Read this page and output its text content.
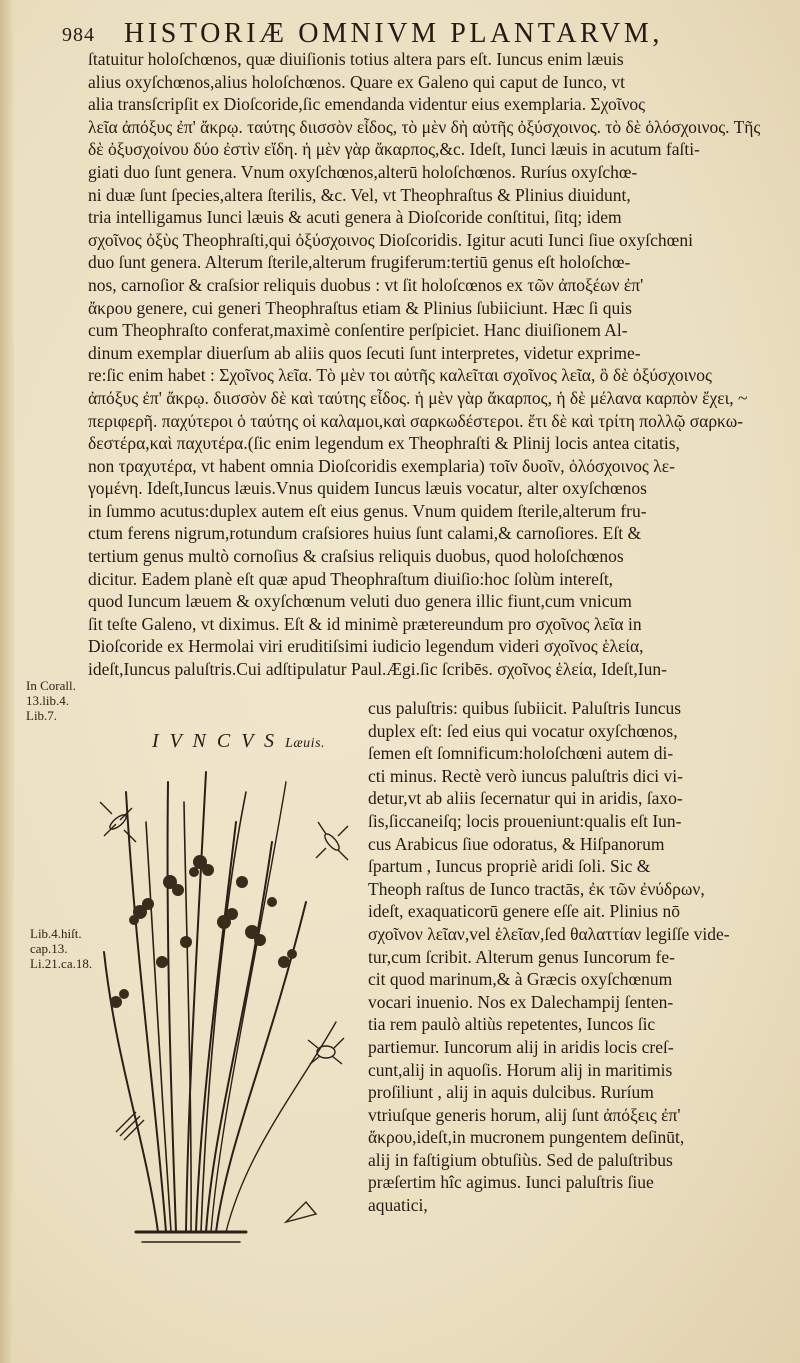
984 HISTORIÆ OMNIVM PLANTARVM,
ſtatuitur holoſchœnos, quæ diuiſionis totius altera pars eſt. Iuncus enim læuis
alius oxyſchœnos,alius holoſchœnos. Quare ex Galeno qui caput de Iunco, vt
alia transſcripſit ex Dioſcoride,ſic emendanda videntur eius exemplaria. Σχοῖνος
λεῖα ἀπόξυς ἐπ' ἄκρῳ. ταύτης διισσὸν εἶδος, τὸ μὲν δὴ αὐτῆς ὀξύσχοινος. τὸ δὲ ὁλόσχοινος. Τῆς
δὲ ὀξυσχοίνου δύο ἐστὶν εἴδη. ἡ μὲν γὰρ ἄκαρπος,&c. Ideſt, Iunci læuis in acutum faſti-
giati duo ſunt genera. Vnum oxyſchœnos,alterū holoſchœnos. Ruríus oxyſchœ-
ni duæ ſunt ſpecies,altera ſterilis, &c. Vel, vt Theophraſtus & Plinius diuidunt,
tria intelligamus Iunci læuis & acuti genera à Dioſcoride conſtitui, ſitq; idem
σχοῖνος ὀξὺς Theophraſti,qui ὀξύσχοινος Dioſcoridis. Igitur acuti Iunci ſiue oxyſchœni
duo ſunt genera. Alterum ſterile,alterum frugiferum:tertiū genus eſt holoſchœ-
nos, carnoſior & craſsior reliquis duobus : vt ſit holoſcœnos ex τῶν ἀποξέων ἐπ'
ἄκρου genere, cui generi Theophraſtus etiam & Plinius ſubiiciunt. Hæc ſi quis
cum Theophraſto conferat,maximè conſentire perſpiciet. Hanc diuiſionem Al-
dinum exemplar diuerſum ab aliis quos ſecuti ſunt interpretes, videtur exprime-
re:ſic enim habet : Σχοῖνος λεῖα. Τὸ μὲν τοι αὐτῆς καλεῖται σχοῖνος λεῖα, ὃ δὲ ὀξύσχοινος
ἀπόξυς ἐπ' ἄκρῳ. διισσὸν δὲ καὶ ταύτης εἶδος. ἡ μὲν γὰρ ἄκαρπος, ἡ δὲ μέλανα καρπὸν ἔχει, ~
περιφερῆ. παχύτεροι ὁ ταύτης οἱ καλαμοι,καὶ σαρκωδέστεροι. ἔτι δὲ καὶ τρίτη πολλῷ σαρκω-
δεστέρα,καὶ παχυτέρα.(ſic enim legendum ex Theophraſti & Plinij locis antea citatis,
non τραχυτέρα, vt habent omnia Dioſcoridis exemplaria) τοῖν δυοῖν, ὁλόσχοινος λε-
γομένη. Ideſt,Iuncus læuis.Vnus quidem Iuncus læuis vocatur, alter oxyſchœnos
in ſummo acutus:duplex autem eſt eius genus. Vnum quidem ſterile,alterum fru-
ctum ferens nigrum,rotundum craſsiores huius ſunt calami,& carnoſiores. Eſt &
tertium genus multò cornoſius & craſsius reliquis duobus, quod holoſchœnos
dicitur. Eadem planè eſt quæ apud Theophraſtum diuiſio:hoc ſolùm intereſt,
quod Iuncum læuem & oxyſchœnum veluti duo genera illic fiunt,cum vnicum
ſit teſte Galeno, vt diximus. Eſt & id minimè prætereundum pro σχοῖνος λεῖα in
Dioſcoride ex Hermolai viri eruditiſsimi iudicio legendum videri σχοῖνος ἑλεία,
ideſt,Iuncus paluſtris.Cui adſtipulatur Paul.Ægi.ſic ſcribēs. σχοῖνος ἑλεία, Ideſt,Iun-
In Corall.
13.lib.4.
Lib.7.
Lib.4.hiſt.
cap.13.
Li.21.ca.18.
I V N C V S Læuis.
cus paluſtris: quibus ſubiicit. Paluſtris Iuncus
duplex eſt: ſed eius qui vocatur oxyſchœnos,
ſemen eſt ſomnificum:holoſchœni autem di-
cti minus. Rectè verò iuncus paluſtris dici vi-
detur,vt ab aliis ſecernatur qui in aridis, ſaxo-
ſis,ſiccaneiſq; locis proueniunt:qualis eſt Iun-
cus Arabicus ſiue odoratus, & Hiſpanorum
ſpartum , Iuncus propriè aridi ſoli. Sic &
Theoph raſtus de Iunco tractās, ἐκ τῶν ἐνύδρων,
ideſt, exaquaticorū genere eſſe ait. Plinius nō
σχοῖνον λεῖαν,vel ἑλεῖαν,ſed θαλαττίαν legiſſe vide-
tur,cum ſcribit. Alterum genus Iuncorum fe-
cit quod marinum,& à Græcis oxyſchœnum
vocari inuenio. Nos ex Dalechampij ſenten-
tia rem paulò altiùs repetentes, Iuncos ſic
partiemur. Iuncorum alij in aridis locis creſ-
cunt,alij in aquoſis. Horum alij in maritimis
proſiliunt , alij in aquis dulcibus. Ruríum
vtriuſque generis horum, alij ſunt ἀπόξεις ἐπ'
ἄκρου,ideſt,in mucronem pungentem deſinūt,
alij in faſtigium obtuſiùs. Sed de paluſtribus
præſertim hîc agimus. Iunci paluſtris ſiue
aquatici,
